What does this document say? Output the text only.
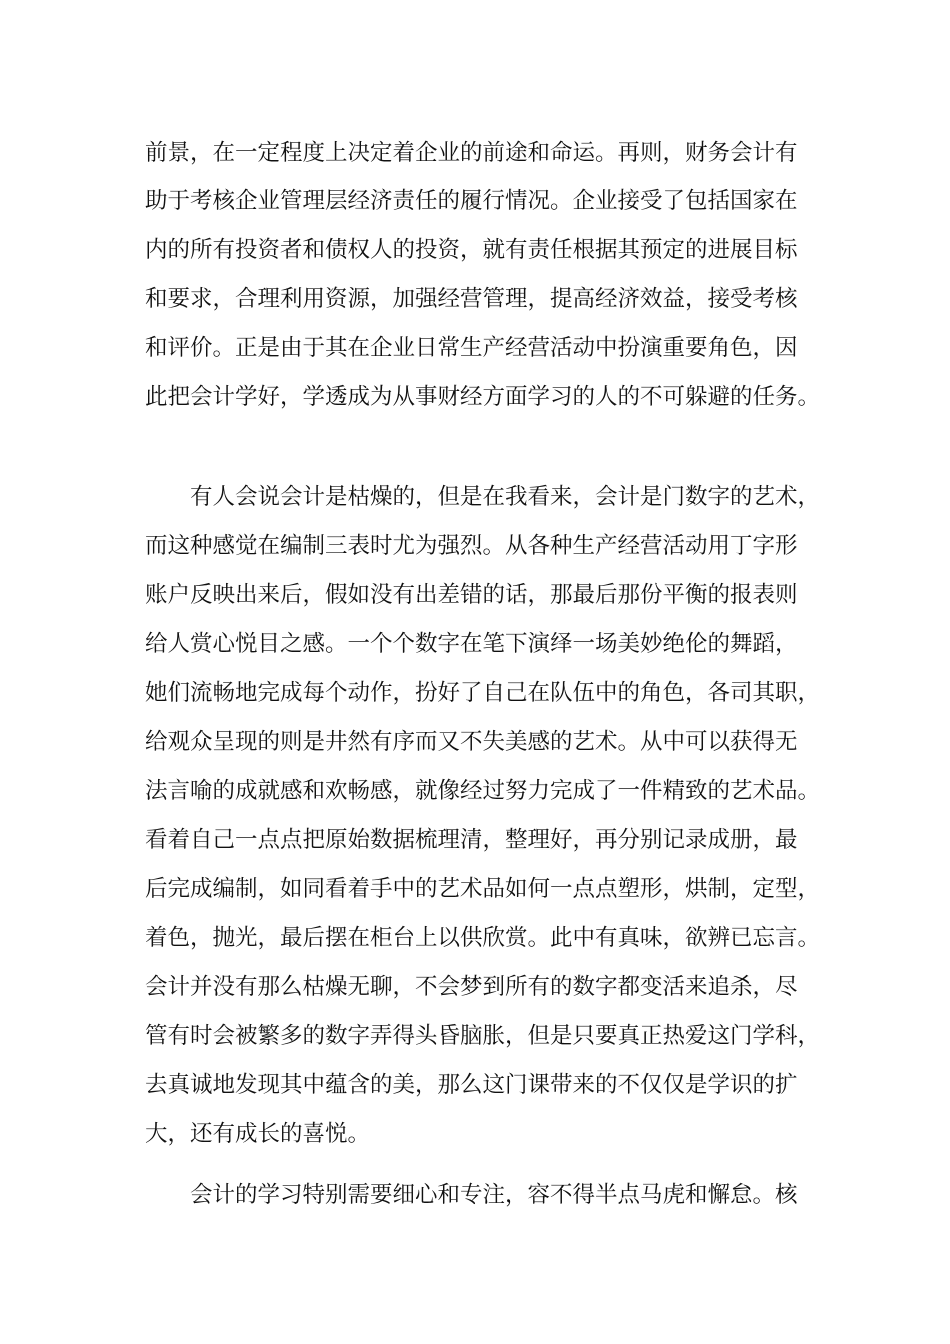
前景，在一定程度上决定着企业的前途和命运。再则，财务会计有
助于考核企业管理层经济责任的履行情况。企业接受了包括国家在
内的所有投资者和债权人的投资，就有责任根据其预定的进展目标
和要求，合理利用资源，加强经营管理，提高经济效益，接受考核
和评价。正是由于其在企业日常生产经营活动中扮演重要角色，因
此把会计学好，学透成为从事财经方面学习的人的不可躲避的任务。
有人会说会计是枯燥的，但是在我看来，会计是门数字的艺术，
而这种感觉在编制三表时尤为强烈。从各种生产经营活动用丁字形
账户反映出来后，假如没有出差错的话，那最后那份平衡的报表则
给人赏心悦目之感。一个个数字在笔下演绎一场美妙绝伦的舞蹈，
她们流畅地完成每个动作，扮好了自己在队伍中的角色，各司其职，
给观众呈现的则是井然有序而又不失美感的艺术。从中可以获得无
法言喻的成就感和欢畅感，就像经过努力完成了一件精致的艺术品。
看着自己一点点把原始数据梳理清，整理好，再分别记录成册，最
后完成编制，如同看着手中的艺术品如何一点点塑形，烘制，定型，
着色，抛光，最后摆在柜台上以供欣赏。此中有真味，欲辨已忘言。
会计并没有那么枯燥无聊，不会梦到所有的数字都变活来追杀，尽
管有时会被繁多的数字弄得头昏脑胀，但是只要真正热爱这门学科，
去真诚地发现其中蕴含的美，那么这门课带来的不仅仅是学识的扩
大，还有成长的喜悦。
会计的学习特别需要细心和专注，容不得半点马虎和懈怠。核
